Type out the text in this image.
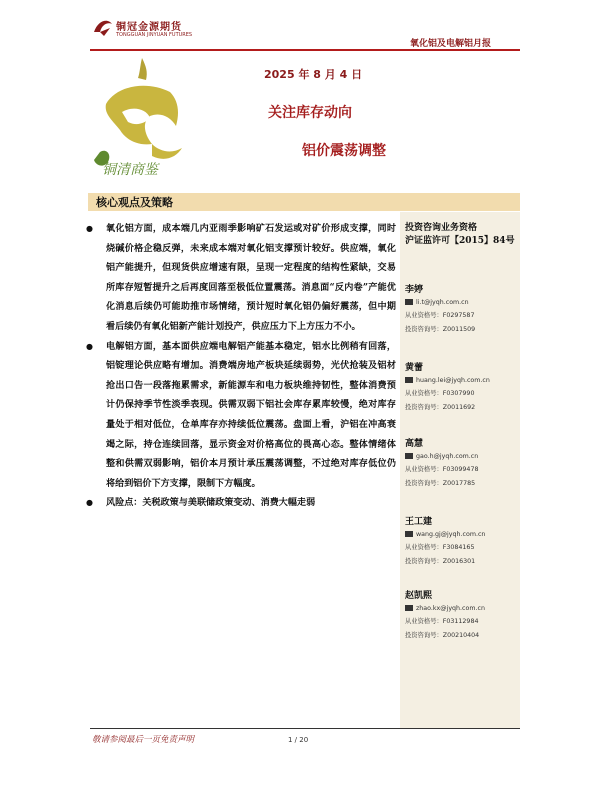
铜冠金源期货
TONGGUAN JINYUAN FUTURES
氧化铝及电解铝月报
铜清商鉴
2025 年 8 月 4 日
关注库存动向
铝价震荡调整
核心观点及策略
● 氧化铝方面，成本端几内亚雨季影响矿石发运或对矿价形成支撑，同时烧碱价格企稳反弹，未来成本端对氧化铝支撑预计较好。供应端，氧化铝产能提升，但现货供应增速有限，呈现一定程度的结构性紧缺，交易所库存短暂提升之后再度回落至极低位置震荡。消息面“反内卷”产能优化消息后续仍可能助推市场情绪，预计短时氧化铝仍偏好震荡，但中期看后续仍有氧化铝新产能计划投产，供应压力下上方压力不小。
● 电解铝方面，基本面供应端电解铝产能基本稳定，铝水比例稍有回落，铝锭理论供应略有增加。消费端房地产板块延续弱势，光伏抢装及铝材抢出口告一段落拖累需求，新能源车和电力板块维持韧性，整体消费预计仍保持季节性淡季表现。供需双弱下铝社会库存累库较慢，绝对库存量处于相对低位，仓单库存亦持续低位震荡。盘面上看，沪铝在冲高衰竭之际，持仓连续回落，显示资金对价格高位的畏高心态。整体情绪体整和供需双弱影响，铝价本月预计承压震荡调整，不过绝对库存低位仍将给到铝价下方支撑，限制下方幅度。
● 风险点：关税政策与美联储政策变动、消费大幅走弱
投资咨询业务资格
沪证监许可【2015】84号
李婷
li.t@jyqh.com.cn
从业资格号：F0297587
投资咨询号：Z0011509
黄蕾
huang.lei@jyqh.com.cn
从业资格号：F0307990
投资咨询号：Z0011692
高慧
gao.h@jyqh.com.cn
从业资格号：F03099478
投资咨询号：Z0017785
王工建
wang.gj@jyqh.com.cn
从业资格号：F3084165
投资咨询号：Z0016301
赵凯熙
zhao.kx@jyqh.com.cn
从业资格号：F03112984
投资咨询号：Z00210404
敬请参阅最后一页免责声明	1 / 20
